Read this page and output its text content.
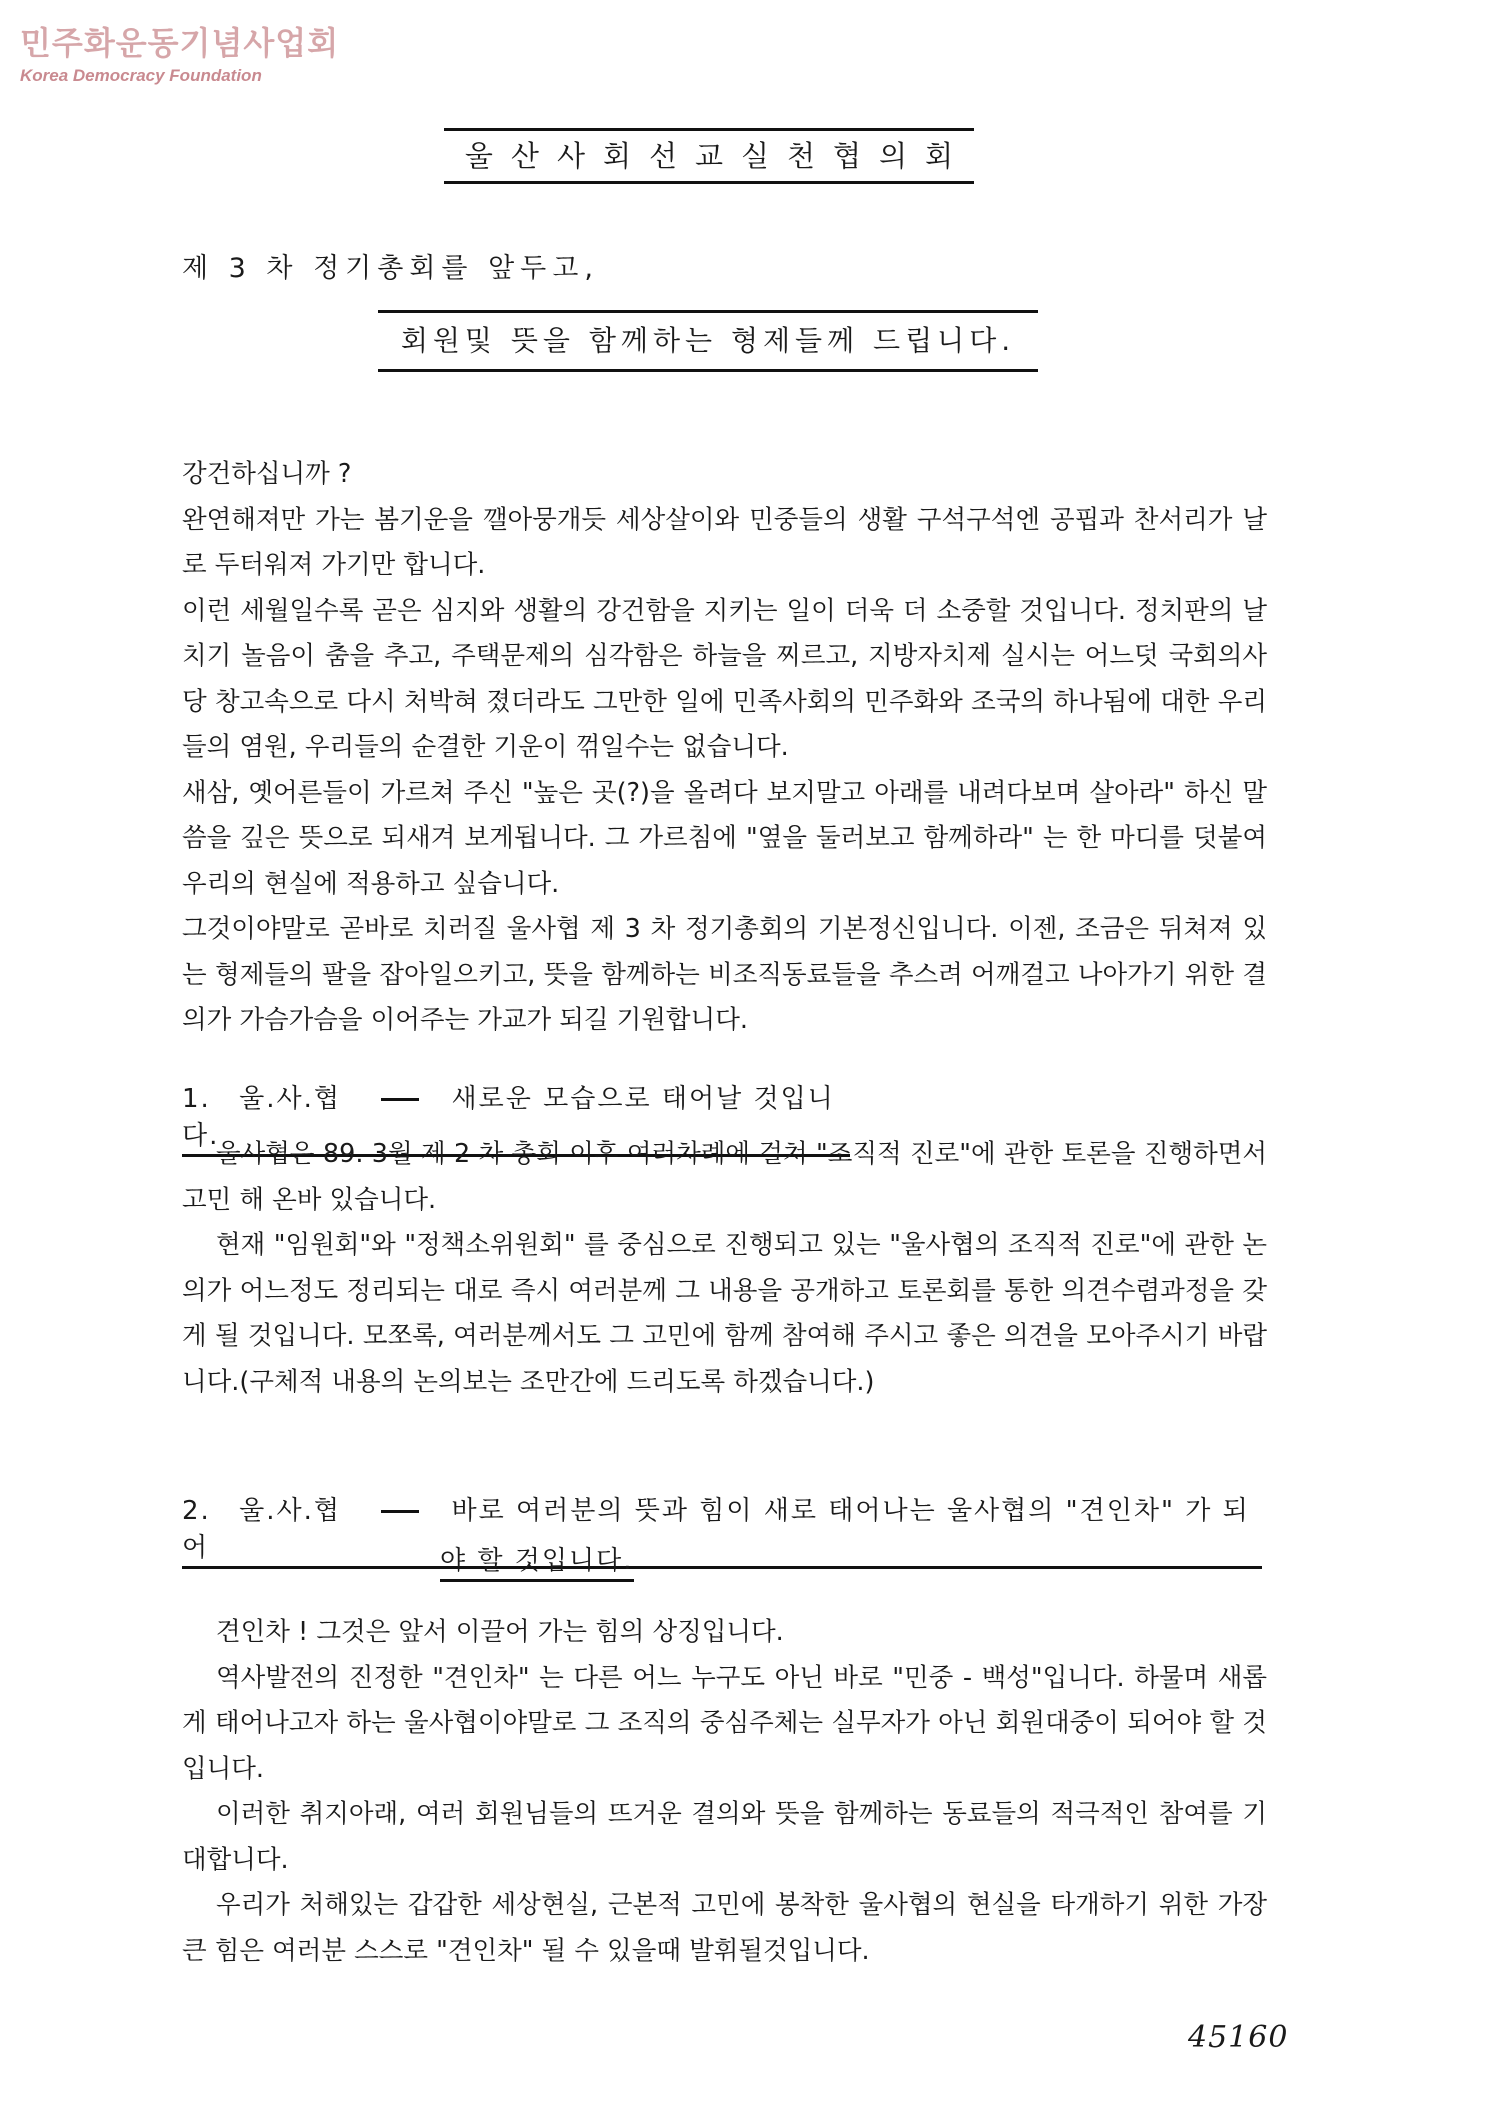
민주화운동기념사업회
Korea Democracy Foundation
울산사회선교실천협의회
제 3 차 정기총회를 앞두고,
회원및 뜻을 함께하는 형제들께 드립니다.

강건하십니까 ?

완연해져만 가는 봄기운을 깰아뭉개듯 세상살이와 민중들의 생활 구석구석엔 공핍과 찬서리가 날로 두터워져 가기만 합니다.

이런 세월일수록 곧은 심지와 생활의 강건함을 지키는 일이 더욱 더 소중할 것입니다. 정치판의 날치기 놀음이 춤을 추고, 주택문제의 심각함은 하늘을 찌르고, 지방자치제 실시는 어느덧 국회의사당 창고속으로 다시 처박혀 졌더라도 그만한 일에 민족사회의 민주화와 조국의 하나됨에 대한 우리들의 염원, 우리들의 순결한 기운이 꺾일수는 없습니다.

새삼, 옛어른들이 가르쳐 주신 "높은 곳(?)을 올려다 보지말고 아래를 내려다보며 살아라" 하신 말씀을 깊은 뜻으로 되새겨 보게됩니다. 그 가르침에 "옆을 둘러보고 함께하라" 는 한 마디를 덧붙여 우리의 현실에 적용하고 싶습니다.

그것이야말로 곧바로 치러질 울사협 제 3 차 정기총회의 기본정신입니다. 이젠, 조금은 뒤쳐져 있는 형제들의 팔을 잡아일으키고, 뜻을 함께하는 비조직동료들을 추스려 어깨걸고 나아가기 위한 결의가 가슴가슴을 이어주는 가교가 되길 기원합니다.

1. 울.사.협	새로운 모습으로 태어날 것입니다.

울사협은 89. 3월 제 2 차 총회 이후 여러차례에 걸쳐 "조직적 진로"에 관한 토론을 진행하면서 고민 해 온바 있습니다.

현재 "임원회"와 "정책소위원회" 를 중심으로 진행되고 있는 "울사협의 조직적 진로"에 관한 논의가 어느정도 정리되는 대로 즉시 여러분께 그 내용을 공개하고 토론회를 통한 의견수렴과정을 갖게 될 것입니다. 모쪼록, 여러분께서도 그 고민에 함께 참여해 주시고 좋은 의견을 모아주시기 바랍니다.(구체적 내용의 논의보는 조만간에 드리도록 하겠습니다.)

2. 울.사.협	바로 여러분의 뜻과 힘이 새로 태어나는 울사협의 "견인차" 가 되어	야 할 것입니다.

견인차 ! 그것은 앞서 이끌어 가는 힘의 상징입니다.

역사발전의 진정한 "견인차" 는 다른 어느 누구도 아닌 바로 "민중 - 백성"입니다. 하물며 새롭게 태어나고자 하는 울사협이야말로 그 조직의 중심주체는 실무자가 아닌 회원대중이 되어야 할 것입니다.

이러한 취지아래, 여러 회원님들의 뜨거운 결의와 뜻을 함께하는 동료들의 적극적인 참여를 기대합니다.

우리가 처해있는 갑갑한 세상현실, 근본적 고민에 봉착한 울사협의 현실을 타개하기 위한 가장 큰 힘은 여러분 스스로 "견인차" 될 수 있을때 발휘될것입니다.

45160
